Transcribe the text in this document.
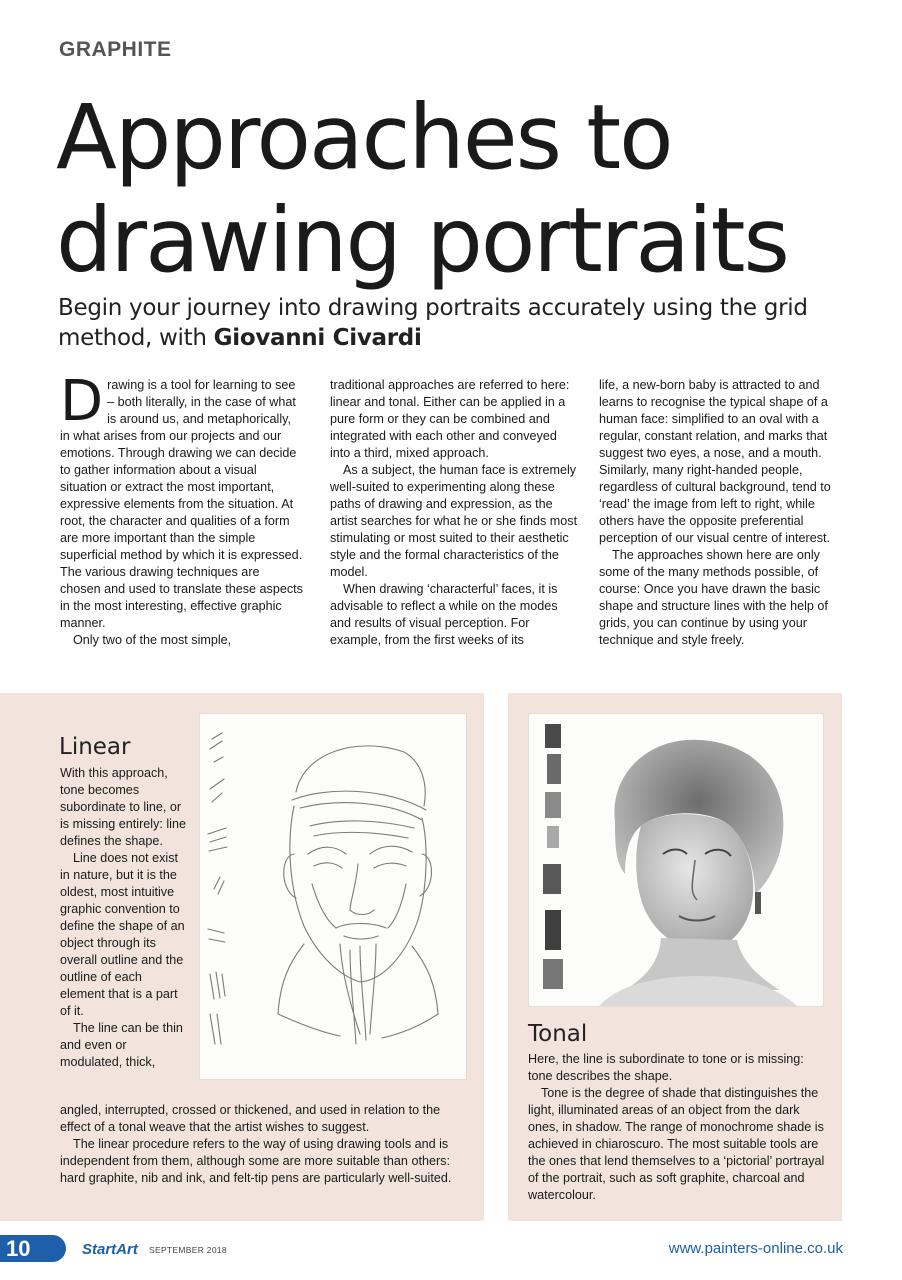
GRAPHITE
Approaches to
drawing portraits
Begin your journey into drawing portraits accurately using the grid method, with Giovanni Civardi

Drawing is a tool for learning to see – both literally, in the case of what is around us, and metaphorically, in what arises from our projects and our emotions. Through drawing we can decide to gather information about a visual situation or extract the most important, expressive elements from the situation. At root, the character and qualities of a form are more important than the simple superficial method by which it is expressed. The various drawing techniques are chosen and used to translate these aspects in the most interesting, effective graphic manner.

Only two of the most simple,

traditional approaches are referred to here: linear and tonal. Either can be applied in a pure form or they can be combined and integrated with each other and conveyed into a third, mixed approach.

As a subject, the human face is extremely well-suited to experimenting along these paths of drawing and expression, as the artist searches for what he or she finds most stimulating or most suited to their aesthetic style and the formal characteristics of the model.

When drawing ‘characterful’ faces, it is advisable to reflect a while on the modes and results of visual perception. For example, from the first weeks of its

life, a new-born baby is attracted to and learns to recognise the typical shape of a human face: simplified to an oval with a regular, constant relation, and marks that suggest two eyes, a nose, and a mouth. Similarly, many right-handed people, regardless of cultural background, tend to ‘read’ the image from left to right, while others have the opposite preferential perception of our visual centre of interest.

The approaches shown here are only some of the many methods possible, of course: Once you have drawn the basic shape and structure lines with the help of grids, you can continue by using your technique and style freely.

Linear

With this approach, tone becomes subordinate to line, or is missing entirely: line defines the shape.

Line does not exist in nature, but it is the oldest, most intuitive graphic convention to define the shape of an object through its overall outline and the outline of each element that is a part of it.

The line can be thin and even or modulated, thick,

angled, interrupted, crossed or thickened, and used in relation to the effect of a tonal weave that the artist wishes to suggest.

The linear procedure refers to the way of using drawing tools and is independent from them, although some are more suitable than others: hard graphite, nib and ink, and felt-tip pens are particularly well-suited.

Tonal

Here, the line is subordinate to tone or is missing: tone describes the shape.

Tone is the degree of shade that distinguishes the light, illuminated areas of an object from the dark ones, in shadow. The range of monochrome shade is achieved in chiaroscuro. The most suitable tools are the ones that lend themselves to a ‘pictorial’ portrayal of the portrait, such as soft graphite, charcoal and watercolour.

10	StartArt SEPTEMBER 2018	www.painters-online.co.uk
